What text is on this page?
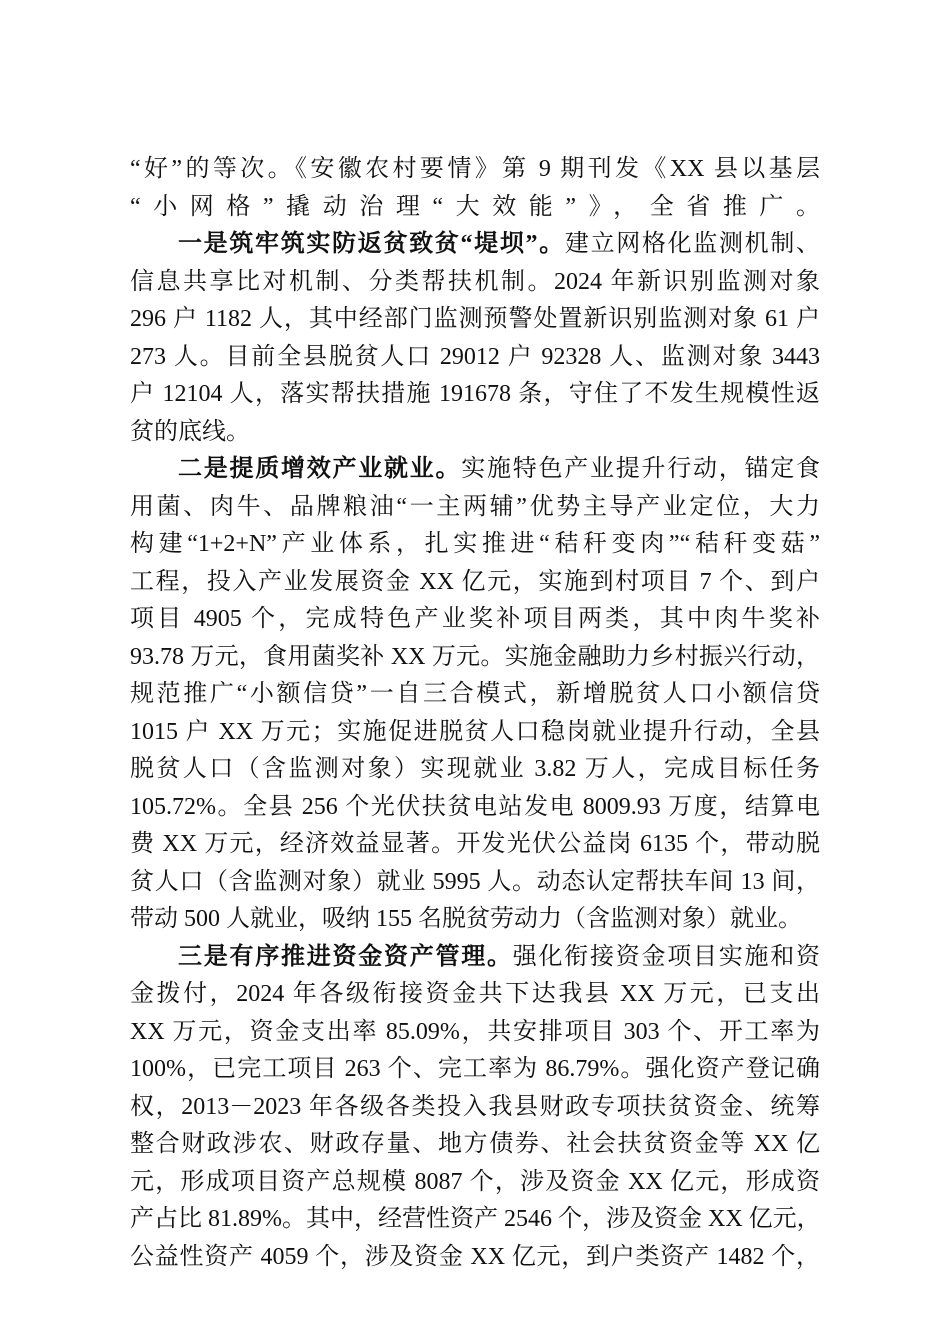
“好”的等次。《安徽农村要情》第 9 期刊发《XX 县以基层
“小网格”撬动治理“大效能”》，全省推广。
一是筑牢筑实防返贫致贫“堤坝”。建立网格化监测机制、
信息共享比对机制、分类帮扶机制。2024 年新识别监测对象
296 户 1182 人，其中经部门监测预警处置新识别监测对象 61 户
273 人。目前全县脱贫人口 29012 户 92328 人、监测对象 3443
户 12104 人，落实帮扶措施 191678 条，守住了不发生规模性返
贫的底线。
二是提质增效产业就业。实施特色产业提升行动，锚定食
用菌、肉牛、品牌粮油“一主两辅”优势主导产业定位，大力
构建“1+2+N”产业体系，扎实推进“秸秆变肉”“秸秆变菇”
工程，投入产业发展资金 XX 亿元，实施到村项目 7 个、到户
项目 4905 个，完成特色产业奖补项目两类，其中肉牛奖补
93.78 万元，食用菌奖补 XX 万元。实施金融助力乡村振兴行动，
规范推广“小额信贷”一自三合模式，新增脱贫人口小额信贷
1015 户 XX 万元；实施促进脱贫人口稳岗就业提升行动，全县
脱贫人口（含监测对象）实现就业 3.82 万人，完成目标任务
105.72%。全县 256 个光伏扶贫电站发电 8009.93 万度，结算电
费 XX 万元，经济效益显著。开发光伏公益岗 6135 个，带动脱
贫人口（含监测对象）就业 5995 人。动态认定帮扶车间 13 间，
带动 500 人就业，吸纳 155 名脱贫劳动力（含监测对象）就业。
三是有序推进资金资产管理。强化衔接资金项目实施和资
金拨付，2024 年各级衔接资金共下达我县 XX 万元，已支出
XX 万元，资金支出率 85.09%，共安排项目 303 个、开工率为
100%，已完工项目 263 个、完工率为 86.79%。强化资产登记确
权，2013－2023 年各级各类投入我县财政专项扶贫资金、统筹
整合财政涉农、财政存量、地方债券、社会扶贫资金等 XX 亿
元，形成项目资产总规模 8087 个，涉及资金 XX 亿元，形成资
产占比 81.89%。其中，经营性资产 2546 个，涉及资金 XX 亿元，
公益性资产 4059 个，涉及资金 XX 亿元，到户类资产 1482 个，
